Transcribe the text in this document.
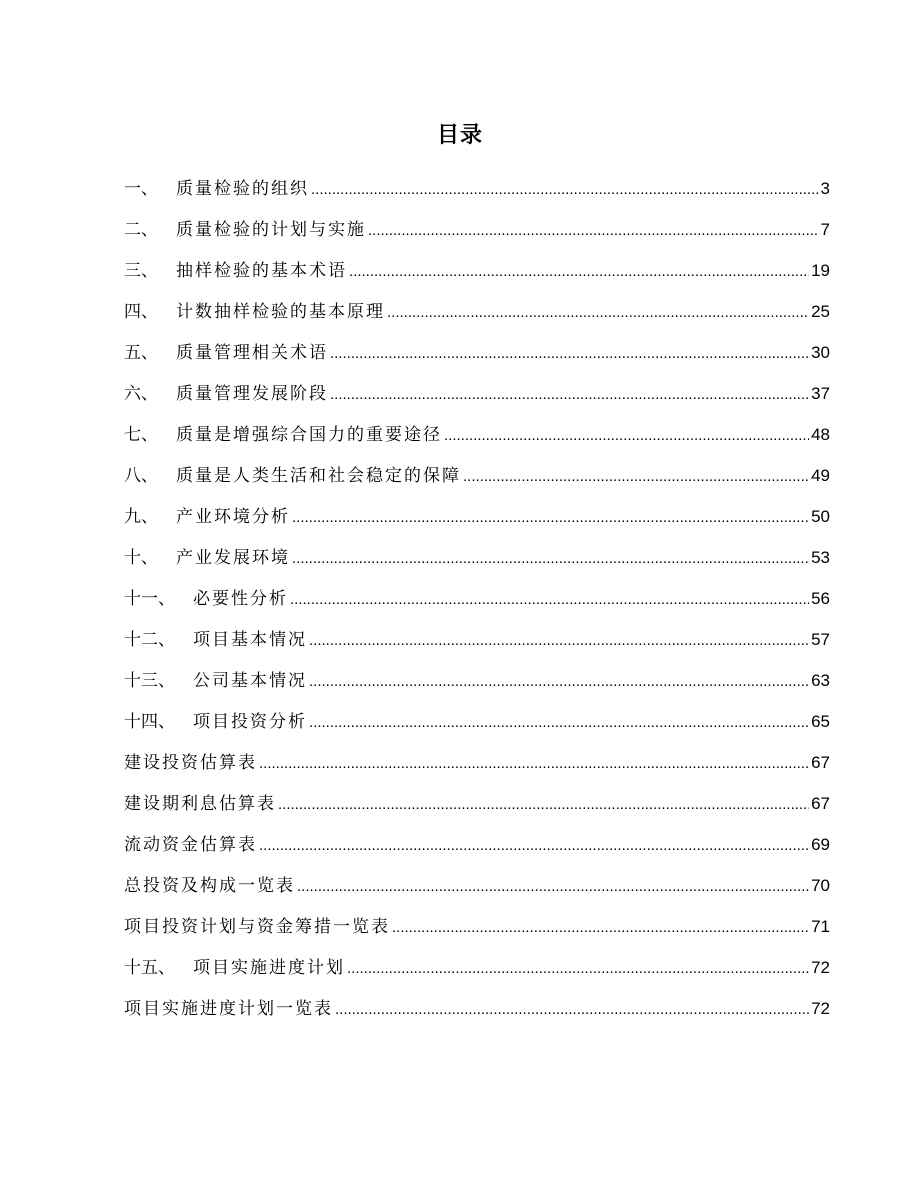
目录
一、 质量检验的组织 .....	3
二、 质量检验的计划与实施 .....	7
三、 抽样检验的基本术语 .....	19
四、 计数抽样检验的基本原理 .....	25
五、 质量管理相关术语 .....	30
六、 质量管理发展阶段 .....	37
七、 质量是增强综合国力的重要途径 .....	48
八、 质量是人类生活和社会稳定的保障 .....	49
九、 产业环境分析 .....	50
十、 产业发展环境 .....	53
十一、 必要性分析 .....	56
十二、 项目基本情况 .....	57
十三、 公司基本情况 .....	63
十四、 项目投资分析 .....	65
建设投资估算表 .....	67
建设期利息估算表 .....	67
流动资金估算表 .....	69
总投资及构成一览表 .....	70
项目投资计划与资金筹措一览表 .....	71
十五、 项目实施进度计划 .....	72
项目实施进度计划一览表 .....	72
